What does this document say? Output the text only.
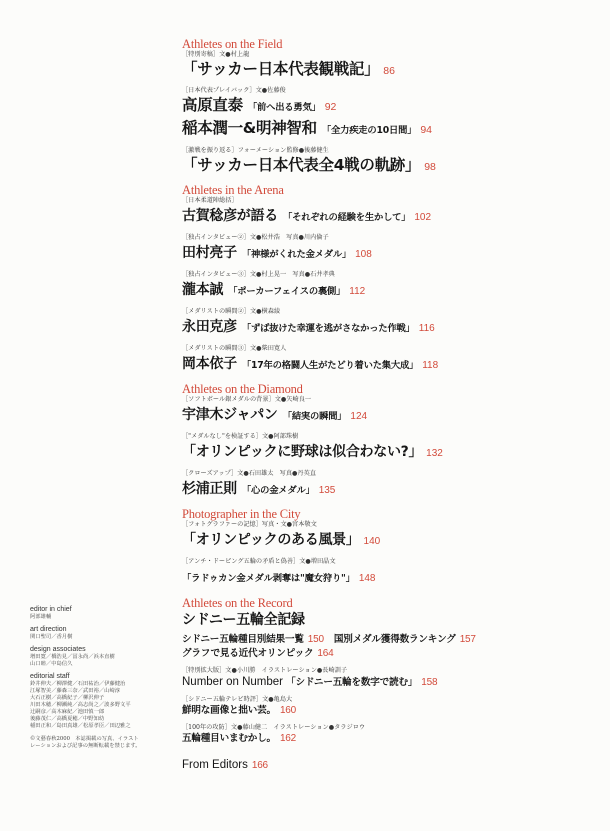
editor in chief
阿部雄輔
art direction
関口聖司／香月樹
design associates
増田寛／橋浩見／冨永尚／浜本直樹
山口睦／中島信久
editorial staff
鈴井伸夫／柳澤健／石田祐治／伊藤健治
江塚智美／藤森三奈／武田裕／山崎淳
大石正樹／高橋紀子／柳沢伸子
川田木穂／柳瀬純／高志尚之／波多野文平
辻嗣彦／高木麻紀／池田慎一郎
後藤茂仁／高橋夏穂／中野知幼
稲田正和／島田真雄／松原孝臣／田辺雅之
©文藝春秋2000　本誌掲載の写真、イラスト
レーションおよび記事の無断転載を禁じます。
Athletes on the Field
［特別寄稿］文●村上龍
「サッカー日本代表観戦記」 86
［日本代表プレイバック］文●佐藤俊
高原直泰 「前へ出る勇気」 92
稲本潤一&明神智和 「全力疾走の10日間」 94
［激戦を振り返る］フォーメーション監修●後藤健生
「サッカー日本代表全4戦の軌跡」 98
Athletes in the Arena
［日本柔道陣総括］
古賀稔彦が語る 「それぞれの経験を生かして」 102
［独占インタビュー②］文●松井浩　写真●川内倫子
田村亮子 「神様がくれた金メダル」 108
［独占インタビュー③］文●村上晃一　写真●石井孝典
瀧本誠 「ポーカーフェイスの裏側」 112
［メダリストの瞬間②］文●横森綾
永田克彦 「ずば抜けた幸運を逃がさなかった作戦」 116
［メダリストの瞬間③］文●柴田寛人
岡本依子 「17年の格闘人生がたどり着いた集大成」 118
Athletes on the Diamond
［ソフトボール銀メダルの背景］文●矢崎良一
宇津木ジャパン 「結実の瞬間」 124
［"メダルなし"を検証する］文●阿部珠樹
「オリンピックに野球は似合わない?」 132
［クローズアップ］文●石田雄太　写真●丹英直
杉浦正則 「心の金メダル」 135
Photographer in the City
［フォトグラファーの記憶］写真・文●宮本敬文
「オリンピックのある風景」 140
［アンチ・ドーピング五輪の矛盾と偽善］文●増田晶文
「ラドゥカン金メダル剥奪は"魔女狩り"」 148
Athletes on the Record
シドニー五輪全記録
シドニー五輪種目別結果一覧 150 国別メダル獲得数ランキング 157
グラフで見る近代オリンピック 164
［特別拡大版］文●小川勝　イラストレーション●長崎訓子
Number on Number 「シドニー五輪を数字で読む」 158
［シドニー五輪テレビ時評］文●亀島大
鮮明な画像と拙い芸。 160
［100年の攻防］文●藤山健二　イラストレーション●タラジロウ
五輪種目いまむかし。 162
From Editors 166
